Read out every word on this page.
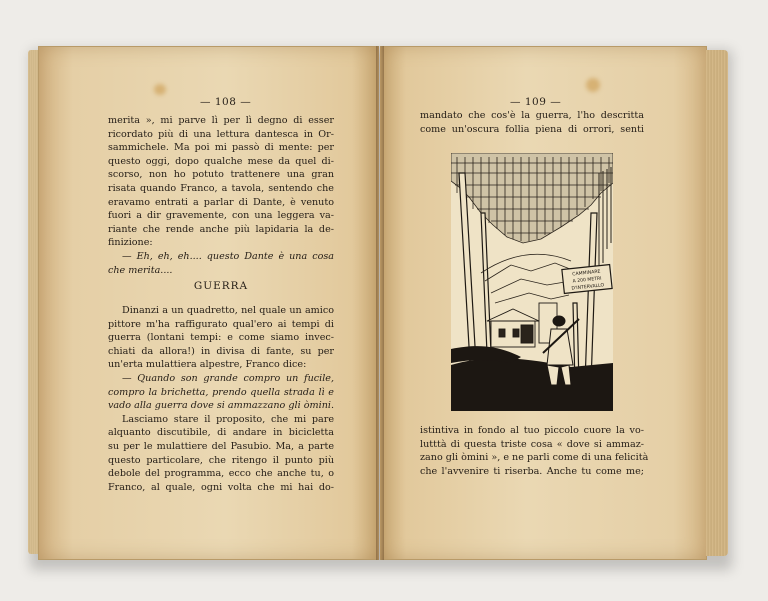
— 108 —
merita », mi parve lì per lì degno di esser
ricordato più di una lettura dantesca in Or-
sammichele. Ma poi mi passò di mente: per
questo oggi, dopo qualche mese da quel di-
scorso, non ho potuto trattenere una gran
risata quando Franco, a tavola, sentendo che
eravamo entrati a parlar di Dante, è venuto
fuori a dir gravemente, con una leggera va-
riante che rende anche più lapidaria la de-
finizione:
— Eh, eh, eh.... questo Dante è una cosa
che merita....
GUERRA
Dinanzi a un quadretto, nel quale un amico
pittore m'ha raffigurato qual'ero ai tempi di
guerra (lontani tempi: e come siamo invec-
chiati da allora!) in divisa di fante, su per
un'erta mulattiera alpestre, Franco dice:
— Quando son grande compro un fucile,
compro la brichetta, prendo quella strada lì e
vado alla guerra dove si ammazzano gli òmini.
Lasciamo stare il proposito, che mi pare
alquanto discutibile, di andare in bicicletta
su per le mulattiere del Pasubio. Ma, a parte
questo particolare, che ritengo il punto più
debole del programma, ecco che anche tu, o
Franco, al quale, ogni volta che mi hai do-
— 109 —
mandato che cos'è la guerra, l'ho descritta
come un'oscura follia piena di orrori, senti
CAMMINARE
A 200 METRI
D'INTERVALLO
istintiva in fondo al tuo piccolo cuore la vo-
lutttà di questa triste cosa « dove si ammaz-
zano gli òmini », e ne parli come di una felicità
che l'avvenire ti riserba. Anche tu come me;
